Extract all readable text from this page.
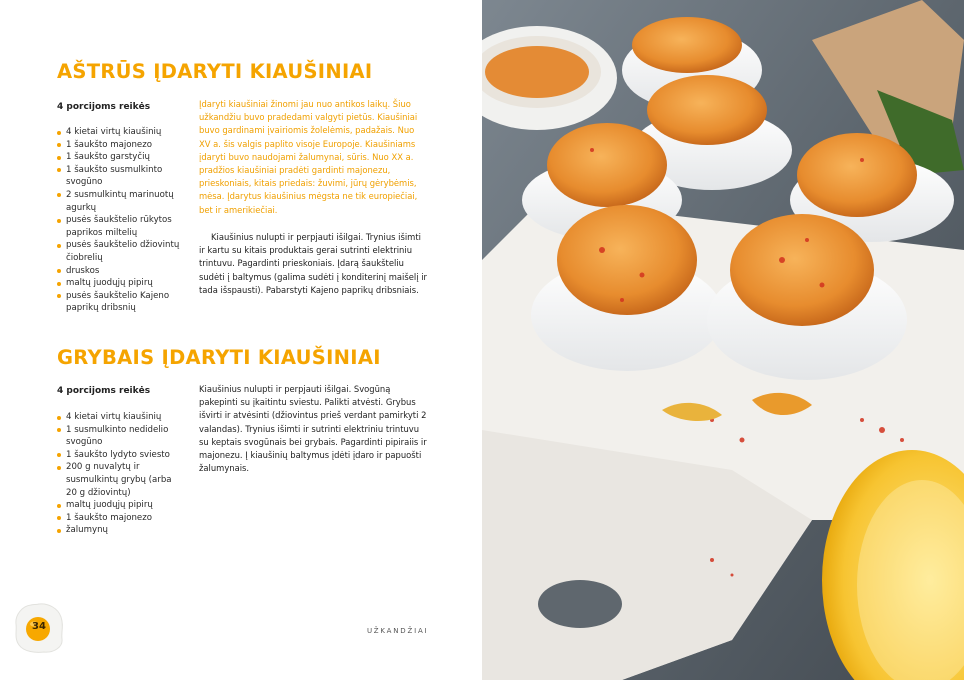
AŠTRŪS ĮDARYTI KIAUŠINIAI

4 porcijoms reikės

4 kietai virtų kiaušinių
1 šaukšto majonezo
1 šaukšto garstyčių
1 šaukšto susmulkinto svogūno
2 susmulkintų marinuotų agurkų
pusės šaukštelio rūkytos paprikos miltelių
pusės šaukštelio džiovintų čiobrelių
druskos
maltų juodųjų pipirų
pusės šaukštelio Kajeno paprikų dribsnių

Įdaryti kiaušiniai žinomi jau nuo antikos laikų. Šiuo užkandžiu buvo pradedami valgyti pietūs. Kiaušiniai buvo gardinami įvairiomis žolelėmis, padažais. Nuo XV a. šis valgis paplito visoje Europoje. Kiaušiniams įdaryti buvo naudojami žalumynai, sūris. Nuo XX a. pradžios kiaušiniai pradėti gardinti majonezu, prieskoniais, kitais priedais: žuvimi, jūrų gėrybėmis, mėsa. Įdarytus kiaušinius mėgsta ne tik europiečiai, bet ir amerikiečiai.

Kiaušinius nulupti ir perpjauti išilgai. Trynius išimti ir kartu su kitais produktais gerai sutrinti elektriniu trintuvu. Pagardinti prieskoniais. Įdarą šaukšteliu sudėti į baltymus (galima sudėti į konditerinį maišelį ir tada išspausti). Pabarstyti Kajeno paprikų dribsniais.

GRYBAIS ĮDARYTI KIAUŠINIAI

4 porcijoms reikės

4 kietai virtų kiaušinių
1 susmulkinto nedidelio svogūno
1 šaukšto lydyto sviesto
200 g nuvalytų ir susmulkintų grybų (arba 20 g džiovintų)
maltų juodųjų pipirų
1 šaukšto majonezo
žalumynų

Kiaušinius nulupti ir perpjauti išilgai. Svogūną pakepinti su įkaitintu sviestu. Palikti atvėsti. Grybus išvirti ir atvėsinti (džiovintus prieš verdant pamirkyti 2 valandas). Trynius išimti ir sutrinti elektriniu trintuvu su keptais svogūnais bei grybais. Pagardinti pipiraiis ir majonezu. Į kiaušinių baltymus įdėti įdaro ir papuošti žalumynais.

34	UŽKANDŽIAI
